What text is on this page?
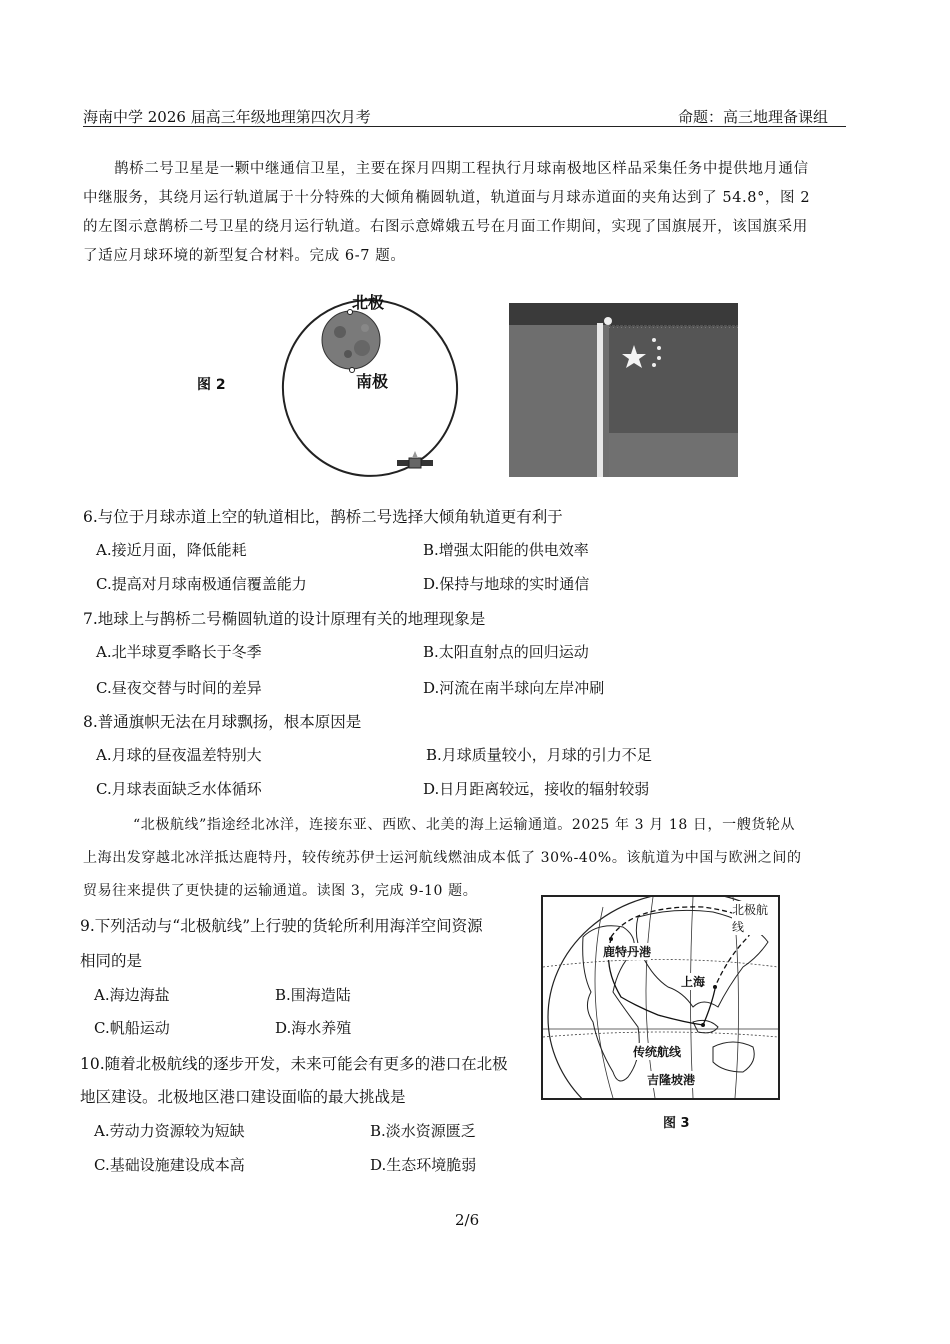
海南中学 2026 届高三年级地理第四次月考	命题：高三地理备课组
鹊桥二号卫星是一颗中继通信卫星，主要在探月四期工程执行月球南极地区样品采集任务中提供地月通信
中继服务，其绕月运行轨道属于十分特殊的大倾角椭圆轨道，轨道面与月球赤道面的夹角达到了 54.8°，图 2
的左图示意鹊桥二号卫星的绕月运行轨道。右图示意嫦娥五号在月面工作期间，实现了国旗展开，该国旗采用
了适应月球环境的新型复合材料。完成 6-7 题。
图 2
北极
南极
6.与位于月球赤道上空的轨道相比，鹊桥二号选择大倾角轨道更有利于
A.接近月面，降低能耗	B.增强太阳能的供电效率
C.提高对月球南极通信覆盖能力	D.保持与地球的实时通信
7.地球上与鹊桥二号椭圆轨道的设计原理有关的地理现象是
A.北半球夏季略长于冬季	B.太阳直射点的回归运动
C.昼夜交替与时间的差异	D.河流在南半球向左岸冲刷
8.普通旗帜无法在月球飘扬，根本原因是
A.月球的昼夜温差特别大	B.月球质量较小，月球的引力不足
C.月球表面缺乏水体循环	D.日月距离较远，接收的辐射较弱
“北极航线”指途经北冰洋，连接东亚、西欧、北美的海上运输通道。2025 年 3 月 18 日，一艘货轮从
上海出发穿越北冰洋抵达鹿特丹，较传统苏伊士运河航线燃油成本低了 30%-40%。该航道为中国与欧洲之间的
贸易往来提供了更快捷的运输通道。读图 3，完成 9-10 题。
9.下列活动与“北极航线”上行驶的货轮所利用海洋空间资源
相同的是
A.海边海盐	B.围海造陆
C.帆船运动	D.海水养殖
10.随着北极航线的逐步开发，未来可能会有更多的港口在北极
地区建设。北极地区港口建设面临的最大挑战是
A.劳动力资源较为短缺	B.淡水资源匮乏
C.基础设施建设成本高	D.生态环境脆弱
北极航线
鹿特丹港
上海
传统航线
吉隆坡港
图 3
2/6
